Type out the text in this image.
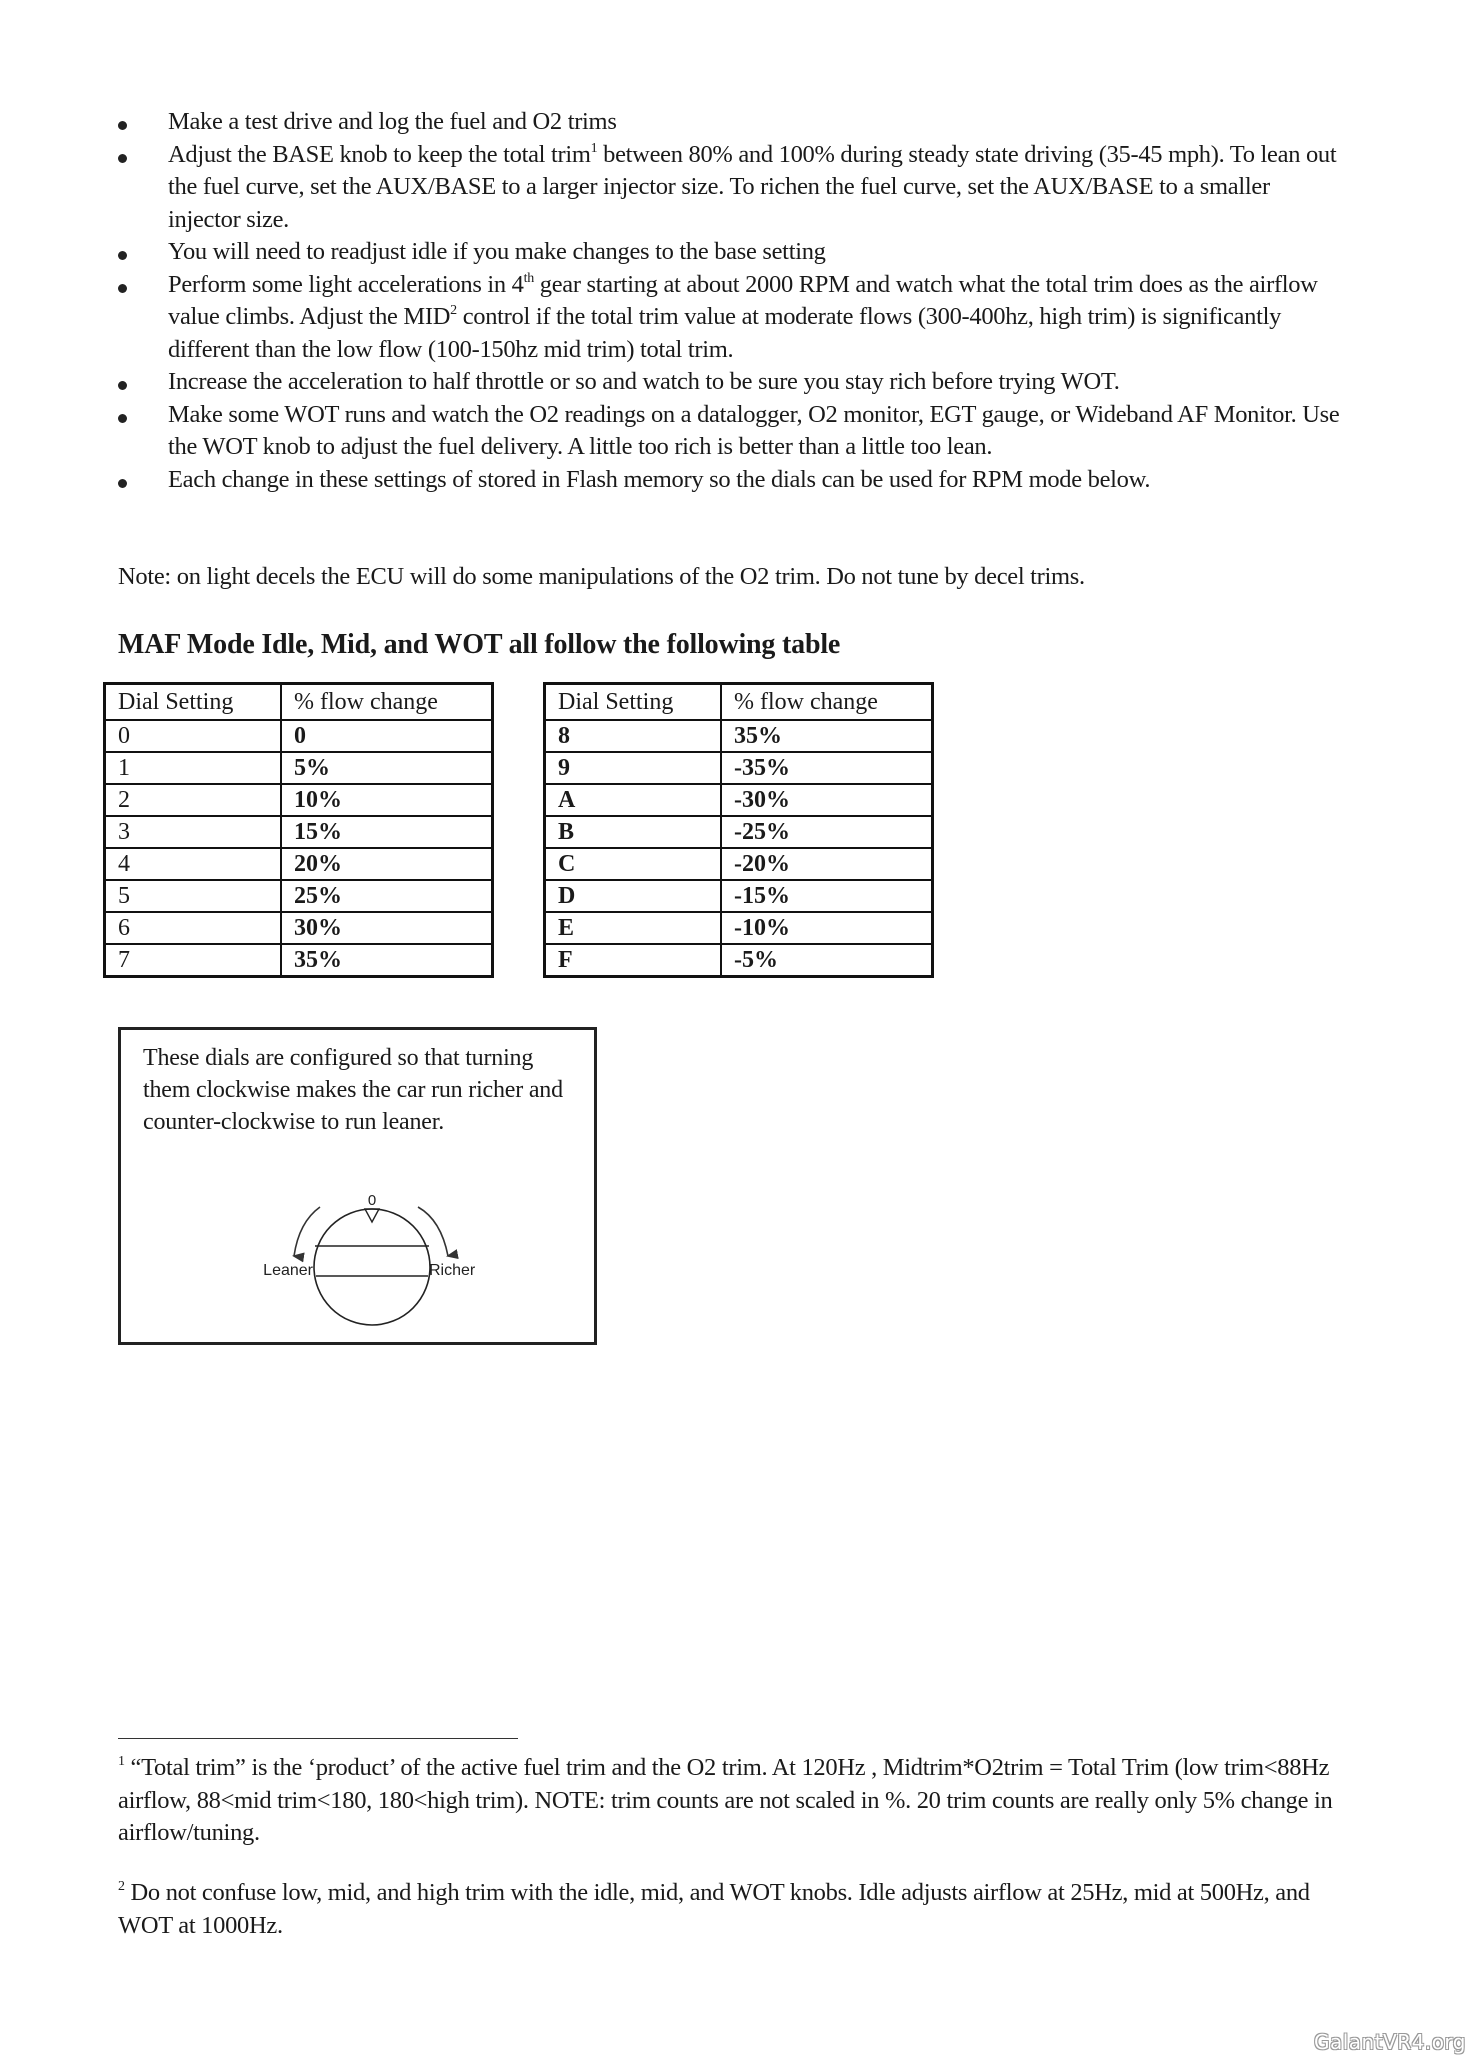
Make a test drive and log the fuel and O2 trims
Adjust the BASE knob to keep the total trim$^1$ between 80% and 100% during steady state driving (35-45 mph). To lean out the fuel curve, set the AUX/BASE to a larger injector size. To richen the fuel curve, set the AUX/BASE to a smaller injector size.
You will need to readjust idle if you make changes to the base setting
Perform some light accelerations in 4th gear starting at about 2000 RPM and watch what the total trim does as the airflow value climbs. Adjust the MID$^2$ control if the total trim value at moderate flows (300-400hz, high trim) is significantly different than the low flow (100-150hz mid trim) total trim.
Increase the acceleration to half throttle or so and watch to be sure you stay rich before trying WOT.
Make some WOT runs and watch the O2 readings on a datalogger, O2 monitor, EGT gauge, or Wideband AF Monitor. Use the WOT knob to adjust the fuel delivery. A little too rich is better than a little too lean.
Each change in these settings of stored in Flash memory so the dials can be used for RPM mode below.
Note: on light decels the ECU will do some manipulations of the O2 trim. Do not tune by decel trims.
MAF Mode Idle, Mid, and WOT all follow the following table
Dial Setting	% flow change
0	0
1	5%
2	10%
3	15%
4	20%
5	25%
6	30%
7	35%
Dial Setting	% flow change
8	35%
9	-35%
A	-30%
B	-25%
C	-20%
D	-15%
E	-10%
F	-5%
These dials are configured so that turning them clockwise makes the car run richer and counter-clockwise to run leaner.
0
Leaner	Richer
$^1$ “Total trim” is the ‘product’ of the active fuel trim and the O2 trim. At 120Hz , Midtrim*O2trim = Total Trim (low trim<88Hz airflow, 88<mid trim<180, 180<high trim). NOTE: trim counts are not scaled in %. 20 trim counts are really only 5% change in airflow/tuning.
$^2$ Do not confuse low, mid, and high trim with the idle, mid, and WOT knobs. Idle adjusts airflow at 25Hz, mid at 500Hz, and WOT at 1000Hz.
GalantVR4.org
